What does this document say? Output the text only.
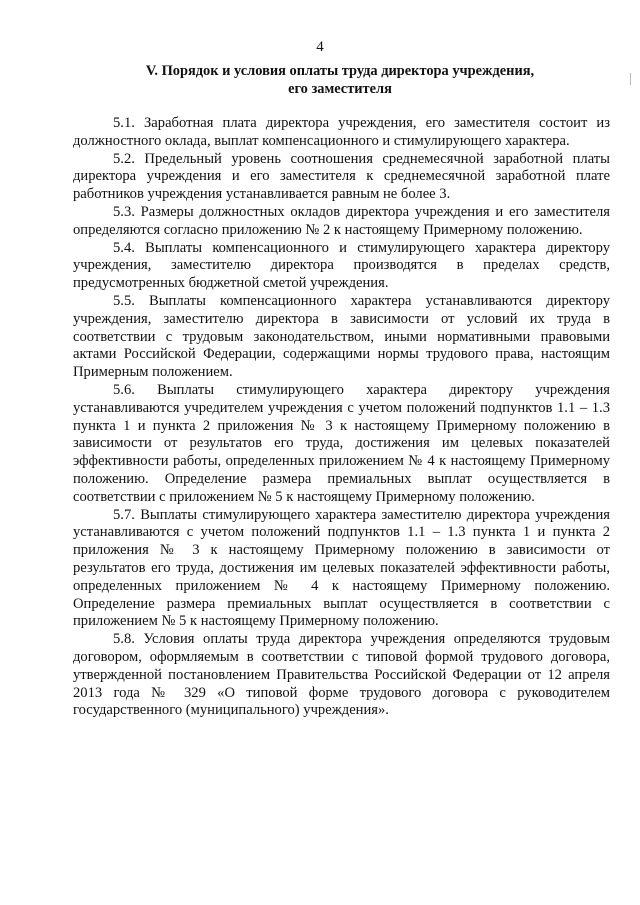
4
V. Порядок и условия оплаты труда директора учреждения,
его заместителя

5.1. Заработная плата директора учреждения, его заместителя состоит из должностного оклада, выплат компенсационного и стимулирующего характера.

5.2. Предельный уровень соотношения среднемесячной заработной платы директора учреждения и его заместителя к среднемесячной заработной плате работников учреждения устанавливается равным не более 3.

5.3. Размеры должностных окладов директора учреждения и его заместителя определяются согласно приложению № 2 к настоящему Примерному положению.

5.4. Выплаты компенсационного и стимулирующего характера директору учреждения, заместителю директора производятся в пределах средств, предусмотренных бюджетной сметой учреждения.

5.5. Выплаты компенсационного характера устанавливаются директору учреждения, заместителю директора в зависимости от условий их труда в соответствии с трудовым законодательством, иными нормативными правовыми актами Российской Федерации, содержащими нормы трудового права, настоящим Примерным положением.

5.6. Выплаты стимулирующего характера директору учреждения устанавливаются учредителем учреждения с учетом положений подпунктов 1.1 – 1.3 пункта 1 и пункта 2 приложения № 3 к настоящему Примерному положению в зависимости от результатов его труда, достижения им целевых показателей эффективности работы, определенных приложением № 4 к настоящему Примерному положению. Определение размера премиальных выплат осуществляется в соответствии с приложением № 5 к настоящему Примерному положению.

5.7. Выплаты стимулирующего характера заместителю директора учреждения устанавливаются с учетом положений подпунктов 1.1 – 1.3 пункта 1 и пункта 2 приложения № 3 к настоящему Примерному положению в зависимости от результатов его труда, достижения им целевых показателей эффективности работы, определенных приложением № 4 к настоящему Примерному положению. Определение размера премиальных выплат осуществляется в соответствии с приложением № 5 к настоящему Примерному положению.

5.8. Условия оплаты труда директора учреждения определяются трудовым договором, оформляемым в соответствии с типовой формой трудового договора, утвержденной постановлением Правительства Российской Федерации от 12 апреля 2013 года № 329 «О типовой форме трудового договора с руководителем государственного (муниципального) учреждения».
